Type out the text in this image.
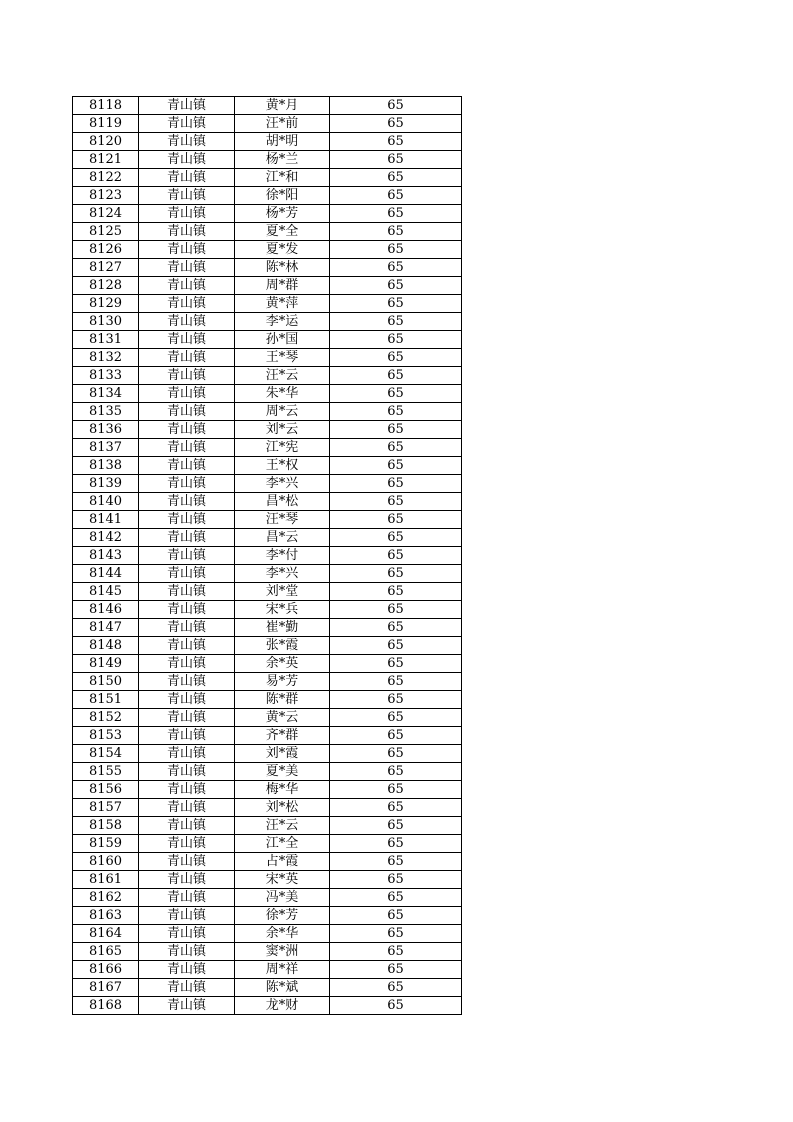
8118	青山镇	黄*月	65
8119	青山镇	汪*前	65
8120	青山镇	胡*明	65
8121	青山镇	杨*兰	65
8122	青山镇	江*和	65
8123	青山镇	徐*阳	65
8124	青山镇	杨*芳	65
8125	青山镇	夏*全	65
8126	青山镇	夏*发	65
8127	青山镇	陈*林	65
8128	青山镇	周*群	65
8129	青山镇	黄*萍	65
8130	青山镇	李*运	65
8131	青山镇	孙*国	65
8132	青山镇	王*琴	65
8133	青山镇	汪*云	65
8134	青山镇	朱*华	65
8135	青山镇	周*云	65
8136	青山镇	刘*云	65
8137	青山镇	江*宪	65
8138	青山镇	王*权	65
8139	青山镇	李*兴	65
8140	青山镇	昌*松	65
8141	青山镇	汪*琴	65
8142	青山镇	昌*云	65
8143	青山镇	李*付	65
8144	青山镇	李*兴	65
8145	青山镇	刘*堂	65
8146	青山镇	宋*兵	65
8147	青山镇	崔*勤	65
8148	青山镇	张*霞	65
8149	青山镇	余*英	65
8150	青山镇	易*芳	65
8151	青山镇	陈*群	65
8152	青山镇	黄*云	65
8153	青山镇	齐*群	65
8154	青山镇	刘*霞	65
8155	青山镇	夏*美	65
8156	青山镇	梅*华	65
8157	青山镇	刘*松	65
8158	青山镇	汪*云	65
8159	青山镇	江*全	65
8160	青山镇	占*霞	65
8161	青山镇	宋*英	65
8162	青山镇	冯*美	65
8163	青山镇	徐*芳	65
8164	青山镇	余*华	65
8165	青山镇	窦*洲	65
8166	青山镇	周*祥	65
8167	青山镇	陈*斌	65
8168	青山镇	龙*财	65
